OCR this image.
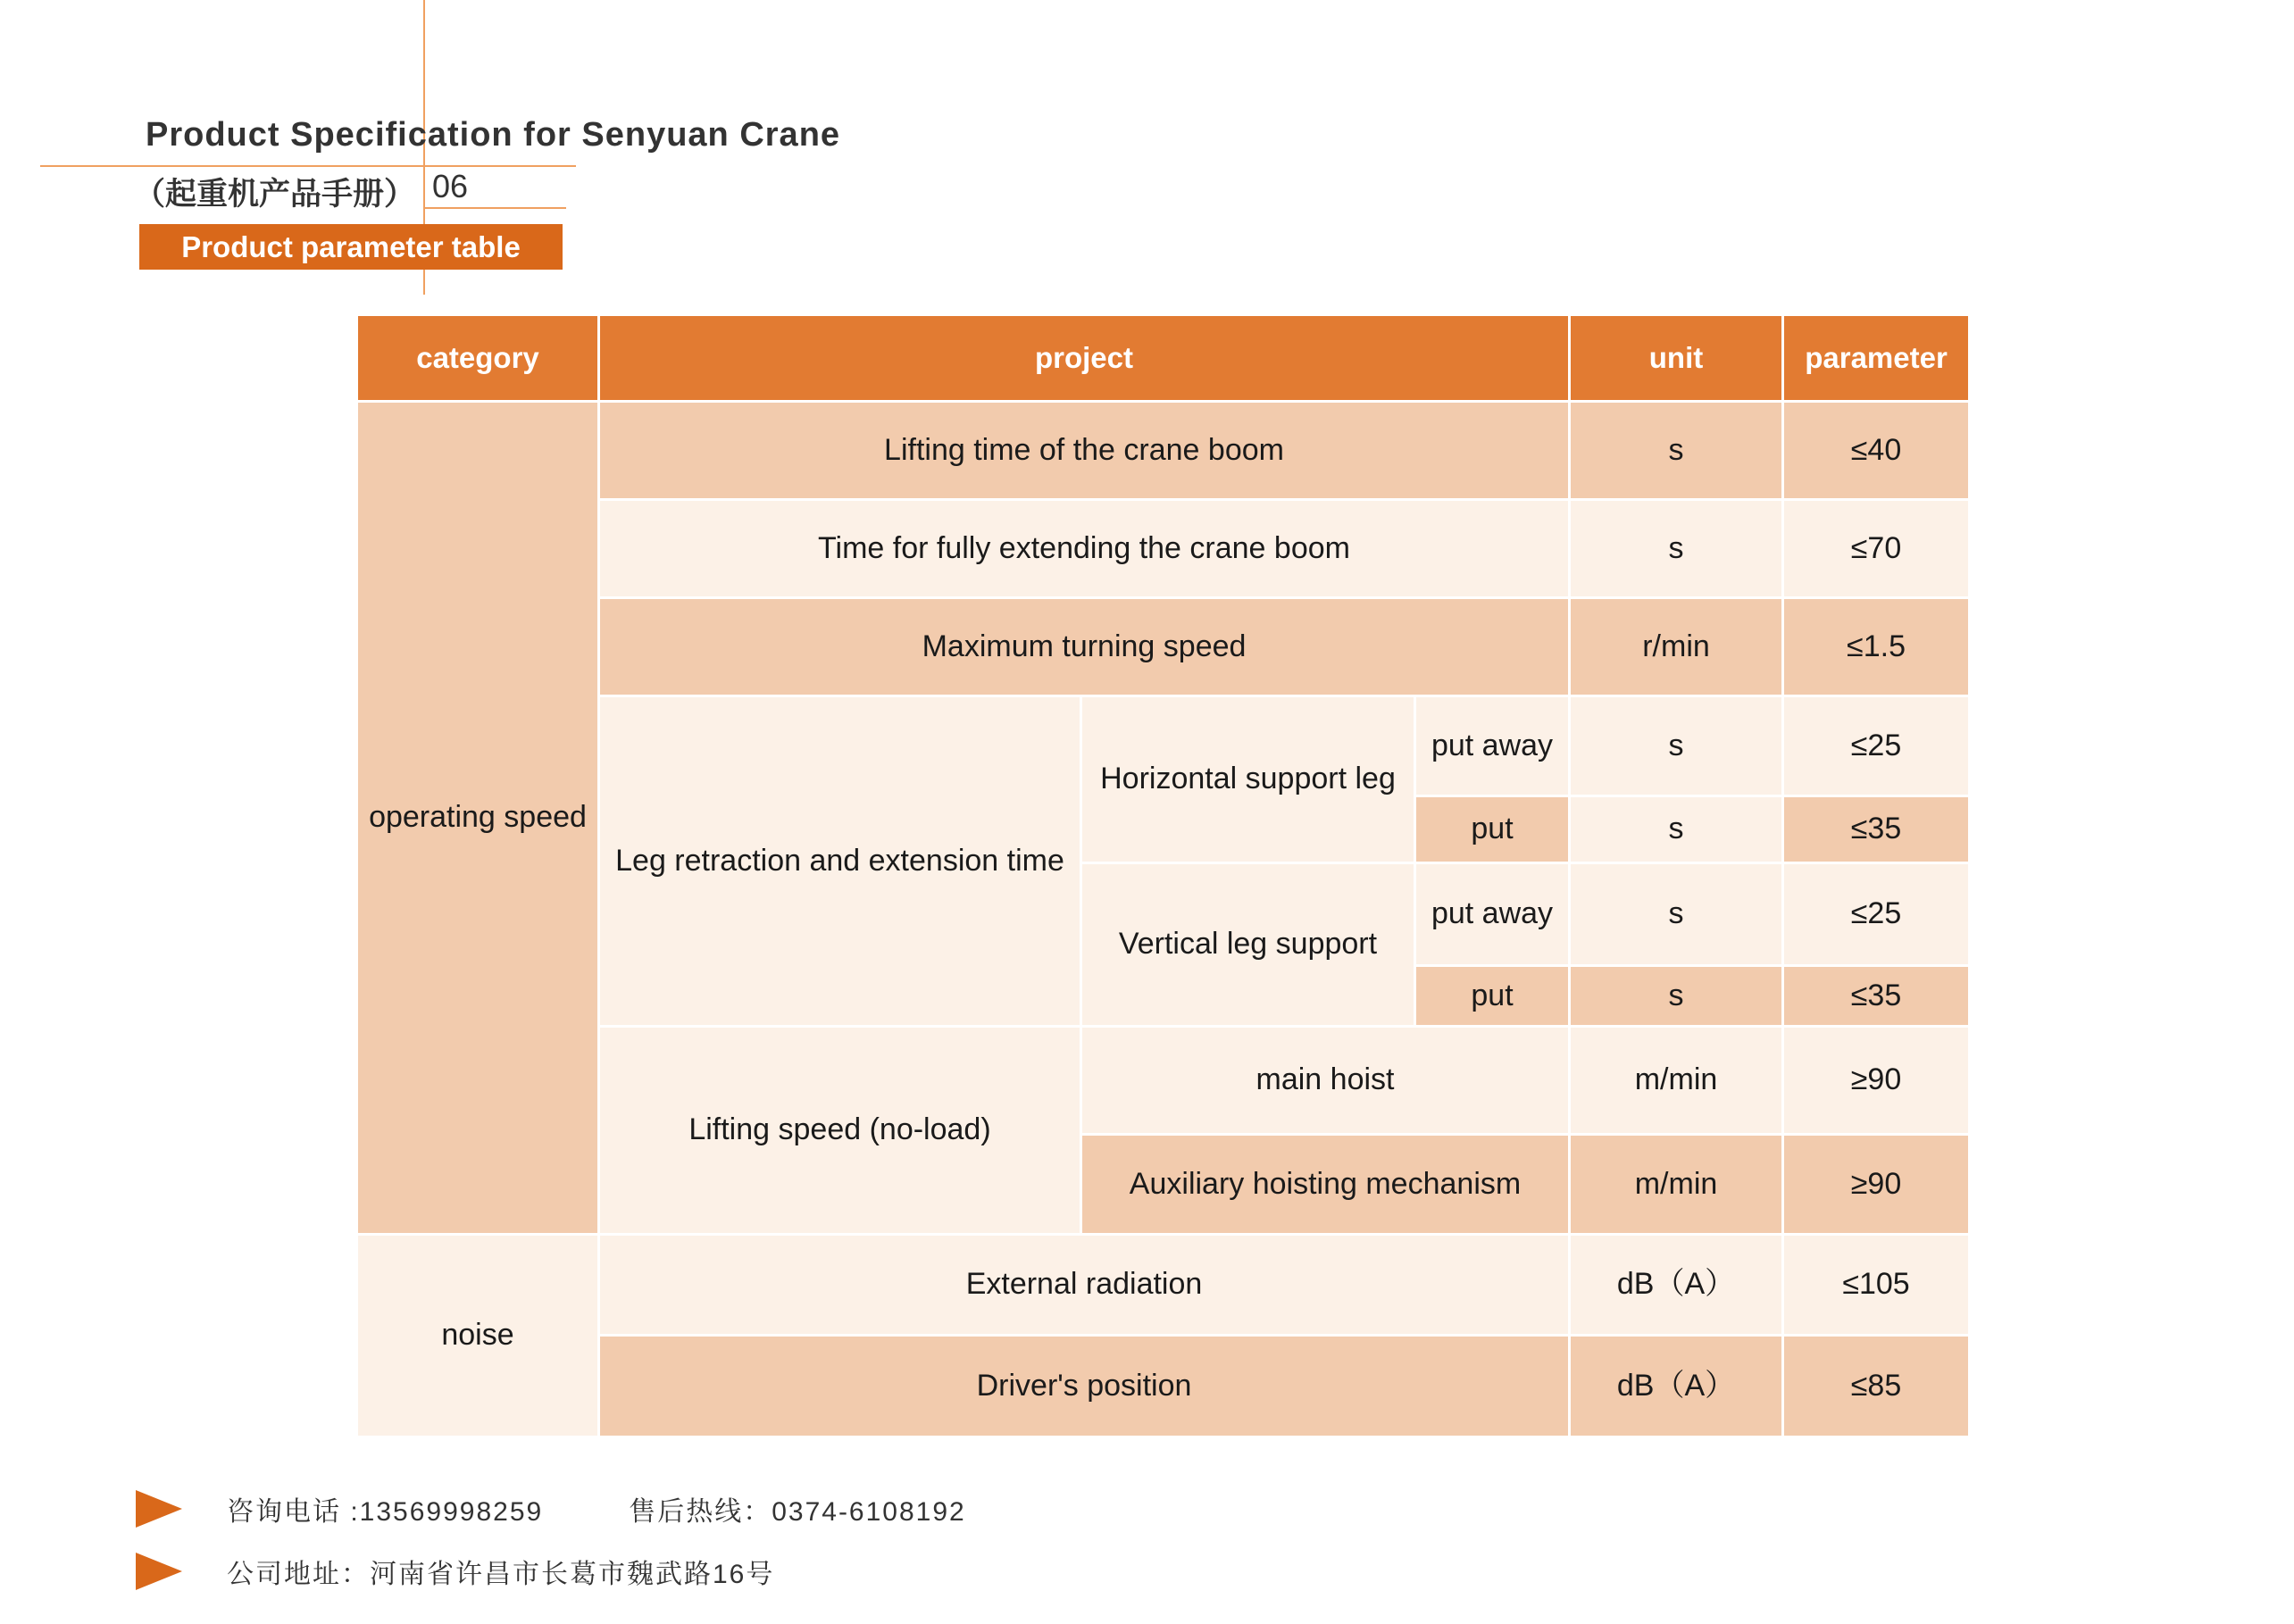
Product Specification for Senyuan Crane
（起重机产品手册） 06
Product parameter table
category	project			unit	parameter
operating speed	Lifting time of the crane boom			s	≤40
	Time for fully extending the crane boom			s	≤70
	Maximum turning speed			r/min	≤1.5
	Leg retraction and extension time	Horizontal support leg	put away	s	≤25
			put	s	≤35
		Vertical leg support	put away	s	≤25
			put	s	≤35
	Lifting speed (no-load)	main hoist		m/min	≥90
		Auxiliary hoisting mechanism		m/min	≥90

noise	External radiation			dB（A）	≤105
	Driver's position			dB（A）	≤85
咨询电话 :13569998259	售后热线：0374-6108192
公司地址：河南省许昌市长葛市魏武路16号
